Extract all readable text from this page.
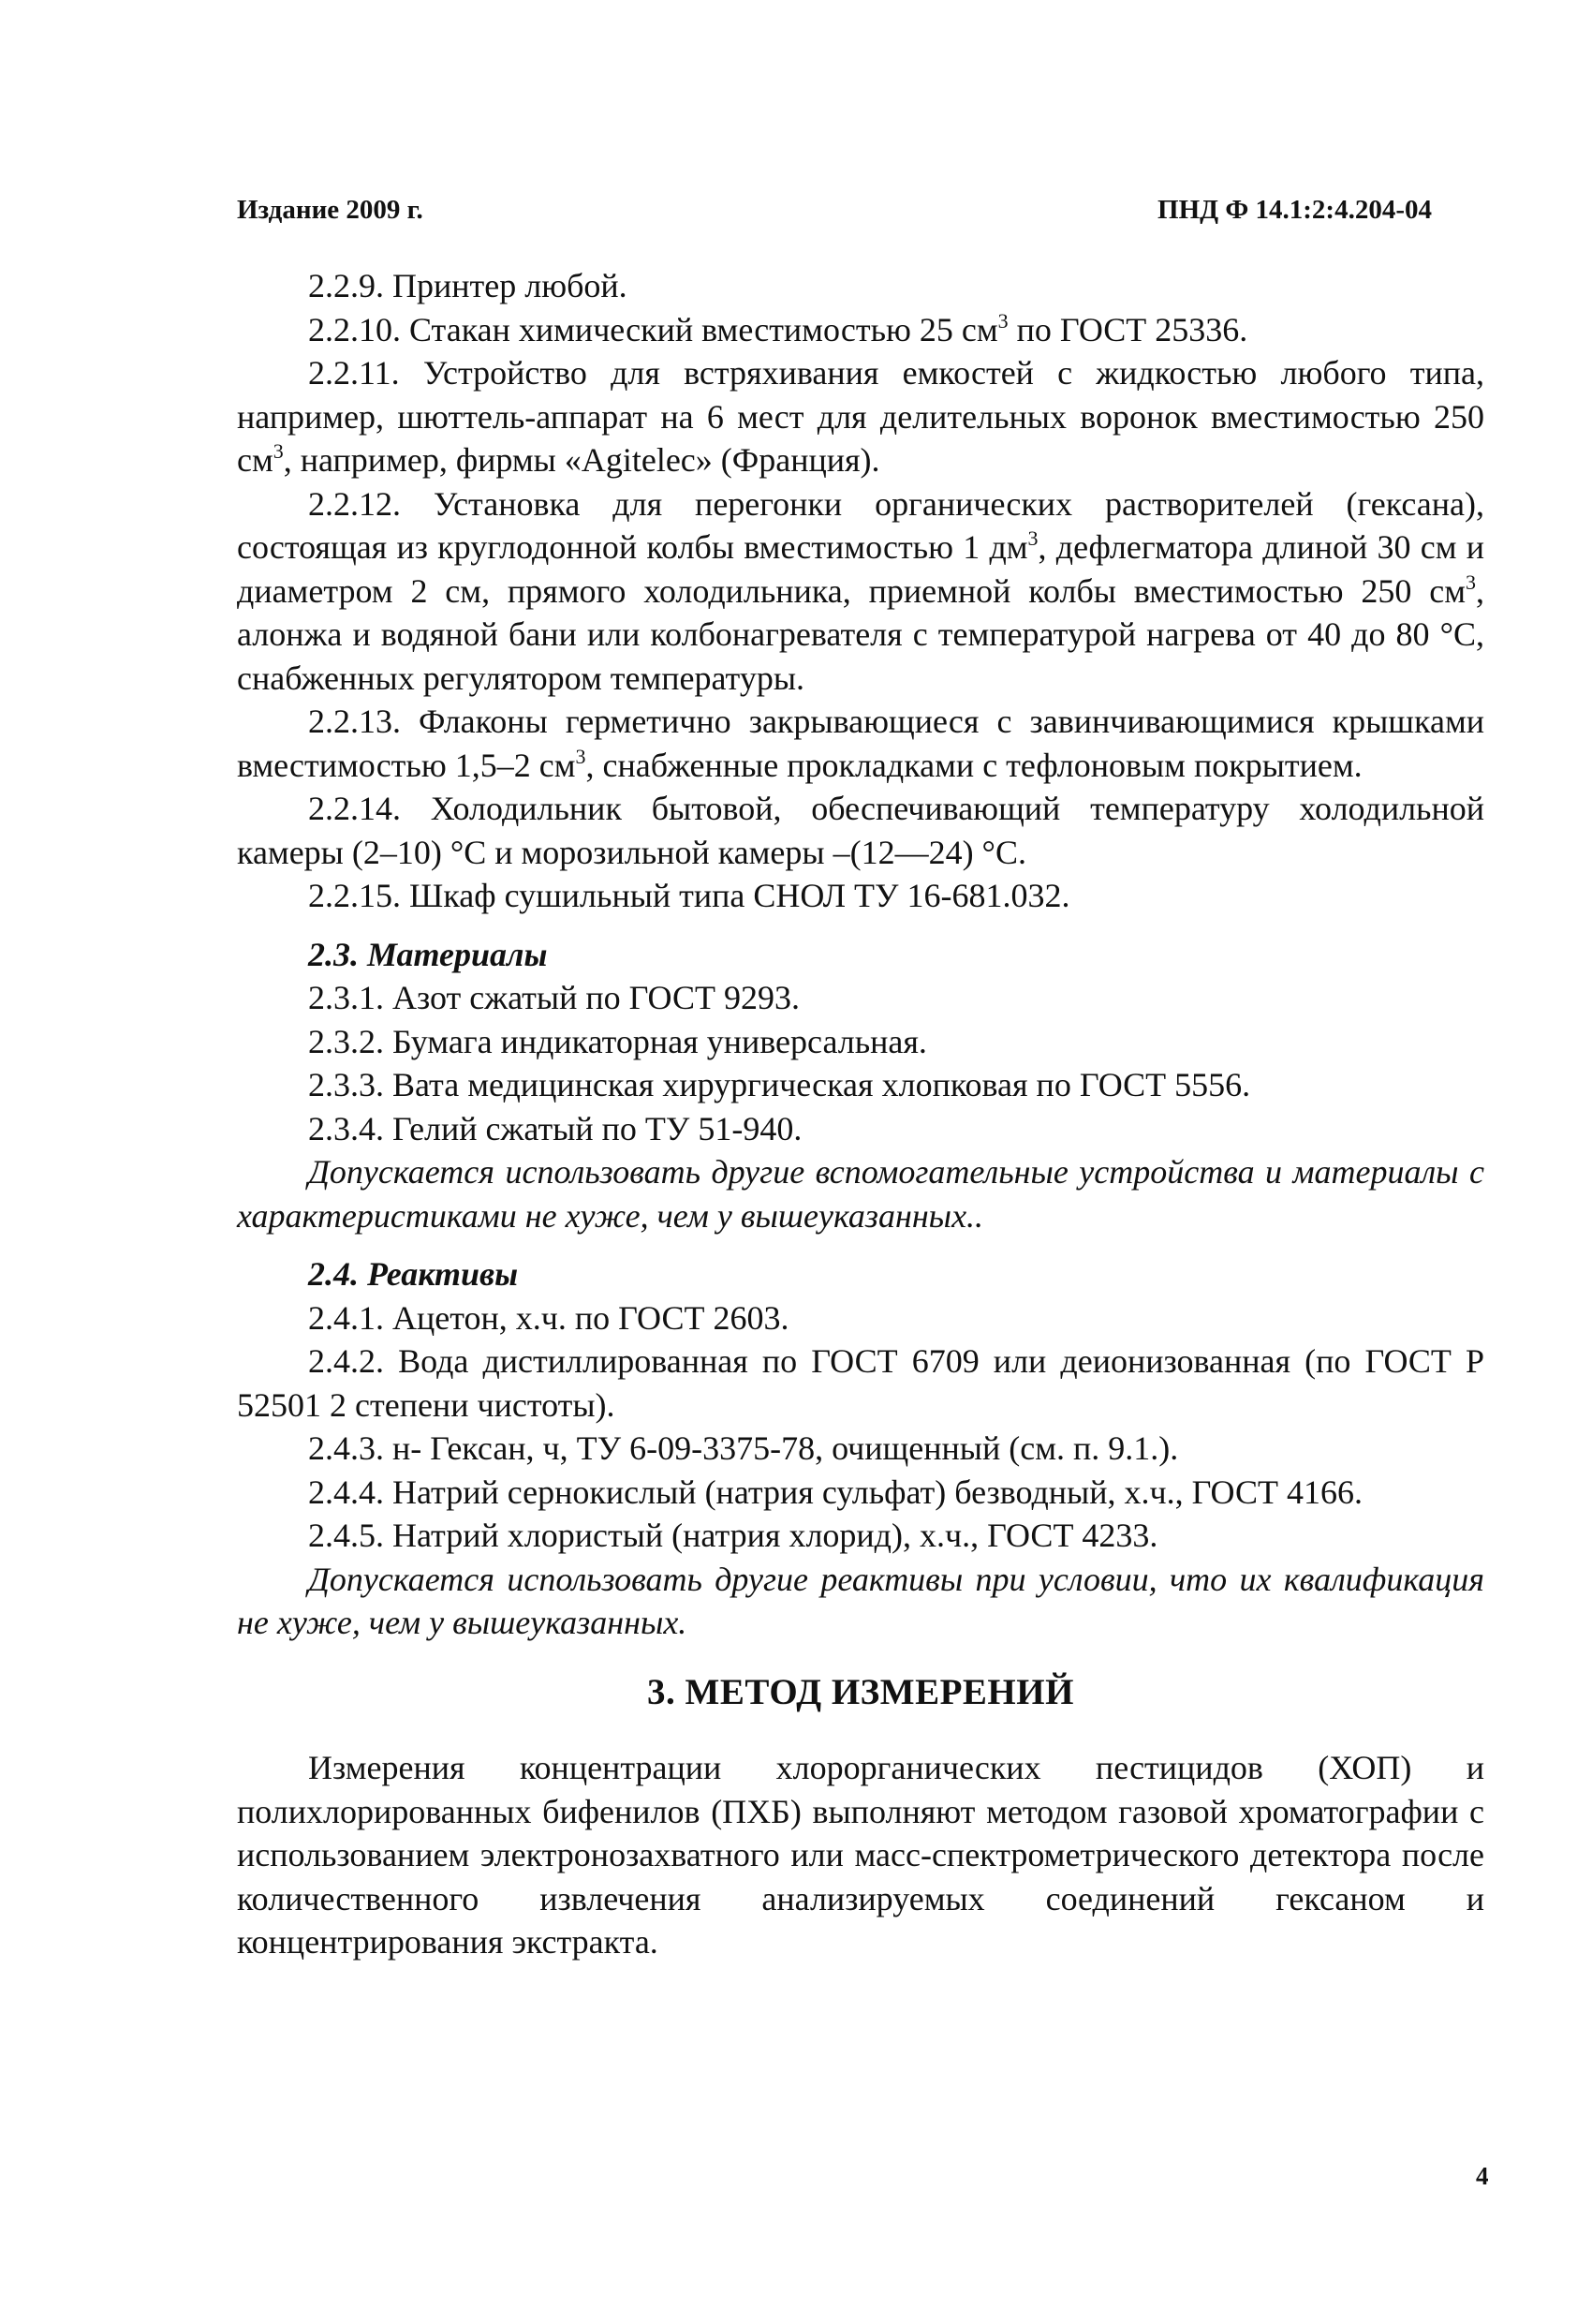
Издание 2009 г.	ПНД Ф 14.1:2:4.204-04

2.2.9. Принтер любой.

2.2.10. Стакан химический вместимостью 25 $см^3$ по ГОСТ 25336.

2.2.11. Устройство для встряхивания емкостей с жидкостью любого типа, например, шюттель-аппарат на 6 мест для делительных воронок вместимостью 250 $см^3$, например, фирмы «Agitelec» (Франция).

2.2.12. Установка для перегонки органических растворителей (гексана), состоящая из круглодонной колбы вместимостью 1 $дм^3$, дефлегматора длиной 30 см и диаметром 2 см, прямого холодильника, приемной колбы вместимостью 250 $см^3$, алонжа и водяной бани или колбонагревателя с температурой нагрева от 40 до 80 °С, снабженных регулятором температуры.

2.2.13. Флаконы герметично закрывающиеся с завинчивающимися крышками вместимостью 1,5–2 $см^3$, снабженные прокладками с тефлоновым покрытием.

2.2.14. Холодильник бытовой, обеспечивающий температуру холодильной камеры (2–10) °С и морозильной камеры –(12—24) °С.

2.2.15. Шкаф сушильный типа СНОЛ ТУ 16-681.032.

2.3. Материалы

2.3.1. Азот сжатый по ГОСТ 9293.

2.3.2. Бумага индикаторная универсальная.

2.3.3. Вата медицинская хирургическая хлопковая по ГОСТ 5556.

2.3.4. Гелий сжатый по ТУ 51-940.

Допускается использовать другие вспомогательные устройства и материалы с характеристиками не хуже, чем у вышеуказанных..

2.4. Реактивы

2.4.1. Ацетон, х.ч. по ГОСТ 2603.

2.4.2. Вода дистиллированная по ГОСТ 6709 или деионизованная (по ГОСТ Р 52501 2 степени чистоты).

2.4.3. н- Гексан, ч, ТУ 6-09-3375-78, очищенный (см. п. 9.1.).

2.4.4. Натрий сернокислый (натрия сульфат) безводный, х.ч., ГОСТ 4166.

2.4.5. Натрий хлористый (натрия хлорид), х.ч., ГОСТ 4233.

Допускается использовать другие реактивы при условии, что их квалификация не хуже, чем у вышеуказанных.

3. МЕТОД ИЗМЕРЕНИЙ

Измерения концентрации хлорорганических пестицидов (ХОП) и полихлорированных бифенилов (ПХБ) выполняют методом газовой хроматографии с использованием электронозахватного или масс-спектрометрического детектора после количественного извлечения анализируемых соединений гексаном и концентрирования экстракта.

4
